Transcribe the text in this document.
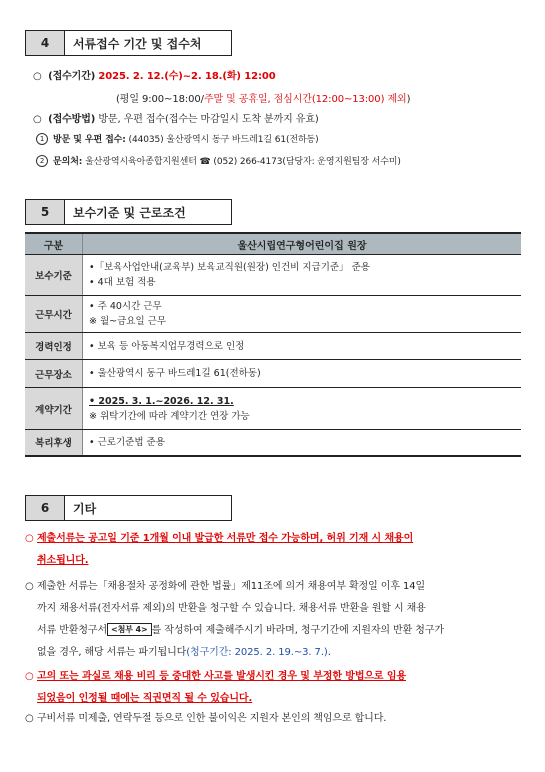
4	서류접수 기간 및 접수처
○ (접수기간) 2025. 2. 12.(수)~2. 18.(화) 12:00
(평일 9:00~18:00/주말 및 공휴일, 점심시간(12:00~13:00) 제외)
○ (접수방법) 방문, 우편 접수(접수는 마감일시 도착 분까지 유효)
1 방문 및 우편 접수: (44035) 울산광역시 동구 바드레1길 61(전하동)
2 문의처: 울산광역시육아종합지원센터 ☎ (052) 266-4173(담당자: 운영지원팀장 서수미)
5	보수기준 및 근로조건
구분	울산시립연구형어린이집 원장
보수기준	•「보육사업안내(교육부) 보육교직원(원장) 인건비 지급기준」 준용
• 4대 보험 적용

근무시간	• 주 40시간 근무
※ 월~금요일 근무

경력인정	• 보육 등 아동복지업무경력으로 인정

근무장소	• 울산광역시 동구 바드레1길 61(전하동)

계약기간	• 2025. 3. 1.~2026. 12. 31.
※ 위탁기간에 따라 계약기간 연장 가능

복리후생	• 근로기준법 준용
6	기타
○ 제출서류는 공고일 기준 1개월 이내 발급한 서류만 접수 가능하며, 허위 기재 시 채용이
취소됩니다.
○ 제출한 서류는「채용절차 공정화에 관한 법률」제11조에 의거 채용여부 확정일 이후 14일
까지 채용서류(전자서류 제외)의 반환을 청구할 수 있습니다. 채용서류 반환을 원할 시 채용
서류 반환청구서 <첨부 4> 를 작성하여 제출해주시기 바라며, 청구기간에 지원자의 반환 청구가
없을 경우, 해당 서류는 파기됩니다(청구기간: 2025. 2. 19.~3. 7.).
○ 고의 또는 과실로 채용 비리 등 중대한 사고를 발생시킨 경우 및 부정한 방법으로 임용
되었음이 인정될 때에는 직권면직 될 수 있습니다.
○ 구비서류 미제출, 연락두절 등으로 인한 불이익은 지원자 본인의 책임으로 합니다.
